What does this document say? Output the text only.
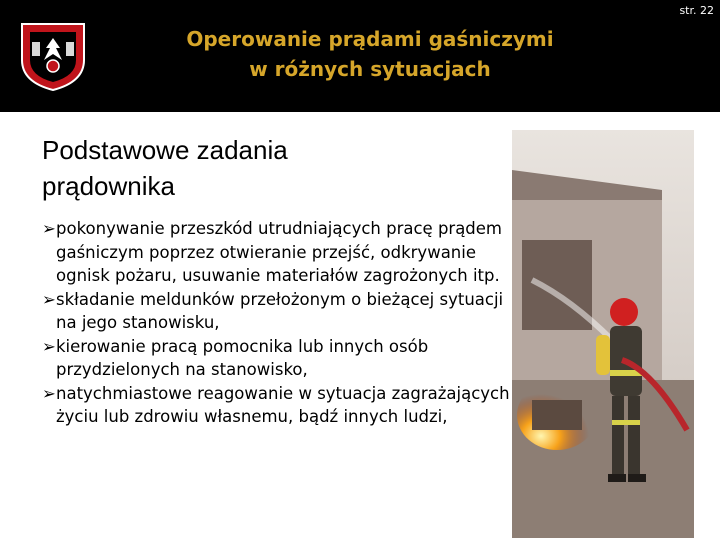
str. 22
Operowanie prądami gaśniczymi
w różnych sytuacjach
Podstawowe zadania
prądownika
➢pokonywanie przeszkód utrudniających pracę prądem gaśniczym poprzez otwieranie przejść, odkrywanie ognisk pożaru, usuwanie materiałów zagrożonych itp.
➢składanie meldunków przełożonym o bieżącej sytuacji na jego stanowisku,
➢kierowanie pracą pomocnika lub innych osób przydzielonych na stanowisko,
➢natychmiastowe reagowanie w sytuacja zagrażających życiu lub zdrowiu własnemu, bądź innych ludzi,
